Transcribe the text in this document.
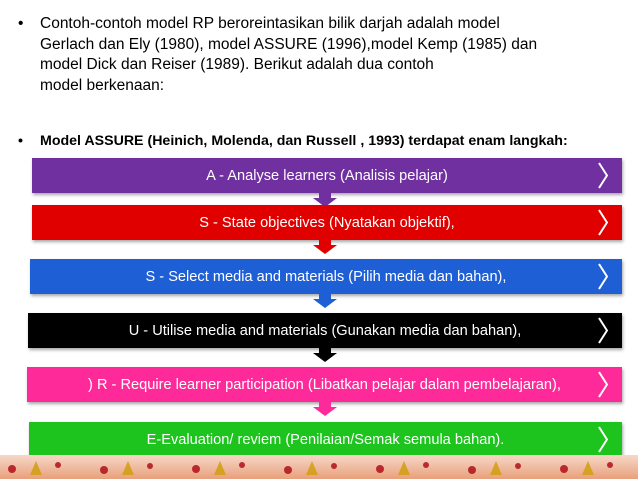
• Contoh-contoh model RP beroreintasikan bilik darjah adalah model
Gerlach dan Ely (1980), model ASSURE (1996),model Kemp (1985) dan
model Dick dan Reiser (1989). Berikut adalah dua contoh
model berkenaan:
• Model ASSURE (Heinich, Molenda, dan Russell , 1993) terdapat enam langkah:
A - Analyse learners (Analisis pelajar)
S - State objectives (Nyatakan objektif),
S - Select media and materials (Pilih media dan bahan),
U - Utilise media and materials (Gunakan media dan bahan),
) R - Require learner participation (Libatkan pelajar dalam pembelajaran),
E-Evaluation/ reviem (Penilaian/Semak semula bahan).
